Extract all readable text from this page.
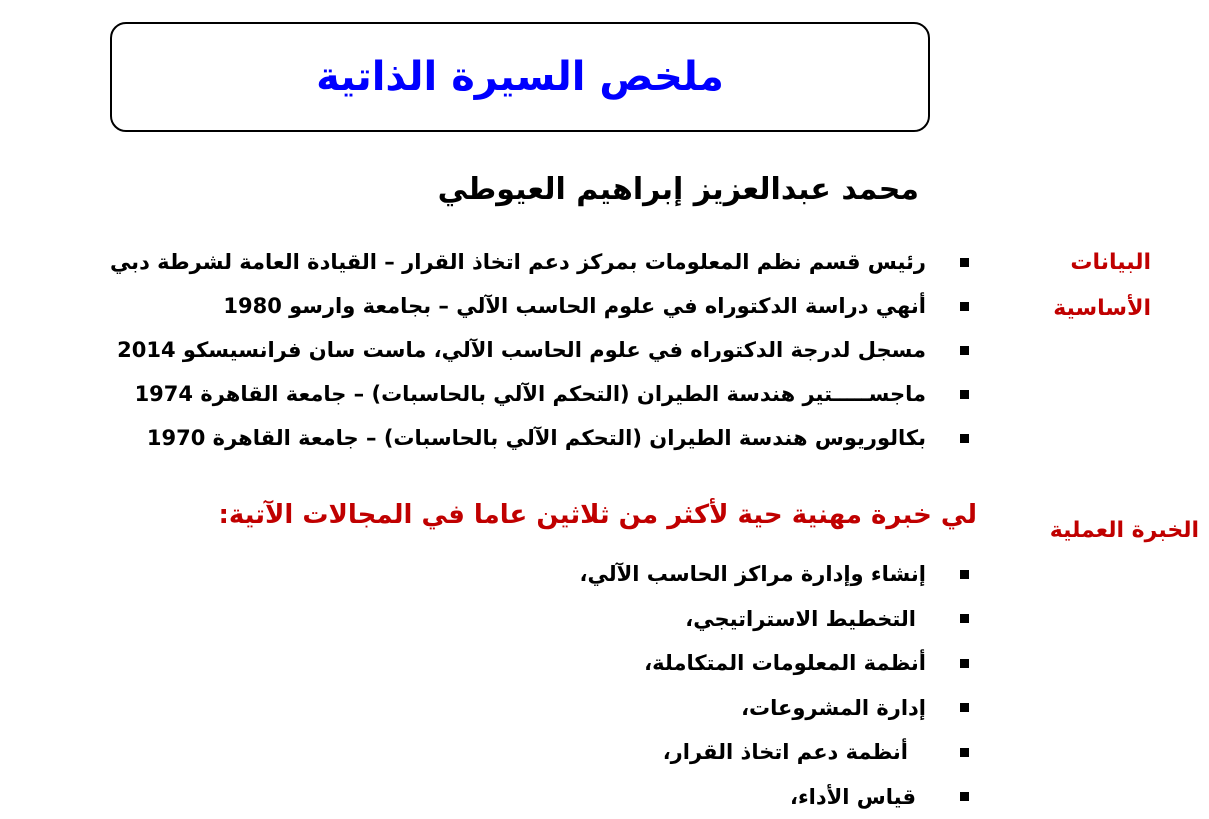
ملخص السيرة الذاتية
محمد عبدالعزيز إبراهيم العيوطي
البيانات
الأساسية
رئيس قسم نظم المعلومات بمركز دعم اتخاذ القرار – القيادة العامة لشرطة دبي
أنهي دراسة الدكتوراه في علوم الحاسب الآلي – بجامعة وارسو 1980
مسجل لدرجة الدكتوراه في علوم الحاسب الآلي، ماست سان فرانسيسكو 2014
ماجســـــتير هندسة الطيران (التحكم الآلي بالحاسبات) – جامعة القاهرة 1974
بكالوريوس هندسة الطيران (التحكم الآلي بالحاسبات) – جامعة القاهرة 1970
الخبرة العملية
لي خبرة مهنية حية لأكثر من ثلاثين عاما في المجالات الآتية:
إنشاء وإدارة مراكز الحاسب الآلي،
التخطيط الاستراتيجي،
أنظمة المعلومات المتكاملة،
إدارة المشروعات،
أنظمة دعم اتخاذ القرار،
قياس الأداء،
